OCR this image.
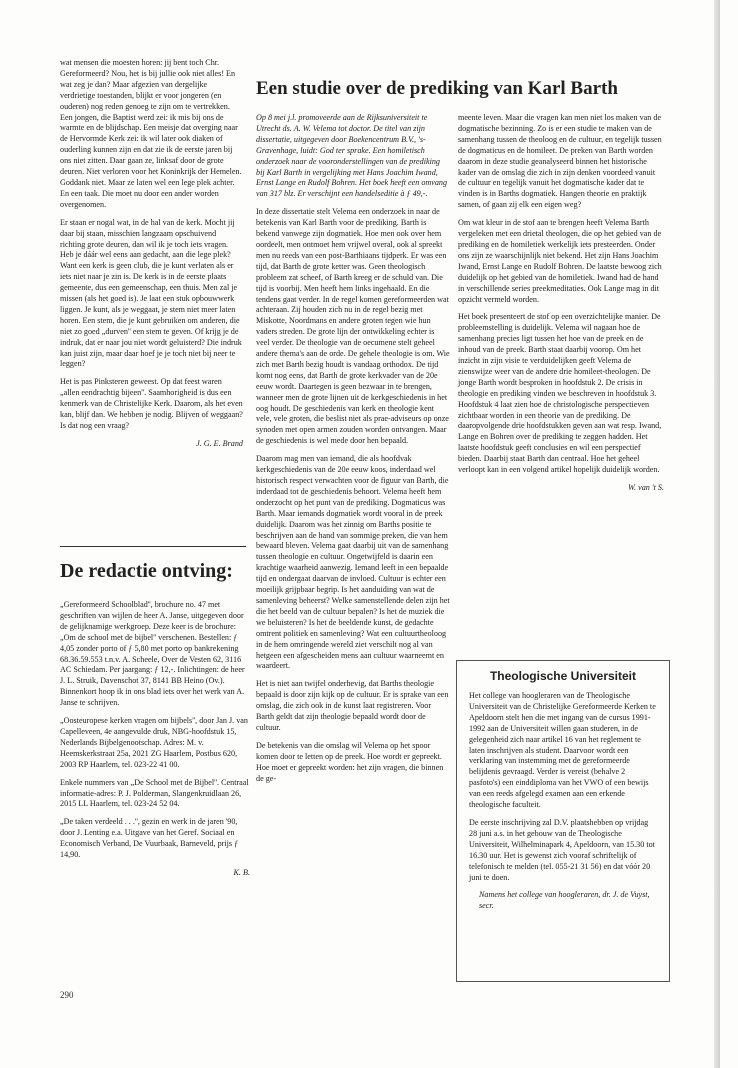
wat mensen die moesten horen: jij bent toch Chr. Gereformeerd? Nou, het is bij jullie ook niet alles! En wat zeg je dan? Maar afgezien van dergelijke verdrietige toestanden, blijkt er voor jongeren (en ouderen) nog reden genoeg te zijn om te vertrekken. Een jongen, die Baptist werd zei: ik mis bij ons de warmte en de blijdschap. Een meisje dat overging naar de Hervormde Kerk zei: ik wil later ook diaken of ouderling kunnen zijn en dat zie ik de eerste jaren bij ons niet zitten. Daar gaan ze, linksaf door de grote deuren. Niet verloren voor het Koninkrijk der Hemelen. Goddank niet. Maar ze laten wel een lege plek achter. En een taak. Die moet nu door een ander worden overgenomen.

Er staan er nogal wat, in de hal van de kerk. Mocht jij daar bij staan, misschien langzaam opschuivend richting grote deuren, dan wil ik je toch iets vragen. Heb je dáár wel eens aan gedacht, aan die lege plek? Want een kerk is geen club, die je kunt verlaten als er iets niet naar je zin is. De kerk is in de eerste plaats gemeente, dus een gemeenschap, een thuis. Men zal je missen (als het goed is). Je laat een stuk opbouwwerk liggen. Je kunt, als je weggaat, je stem niet meer laten horen. Een stem, die je kunt gebruiken om anderen, die niet zo goed „durven'' een stem te geven. Of krijg je de indruk, dat er naar jou niet wordt geluisterd? Die indruk kan juist zijn, maar daar hoef je je toch niet bij neer te leggen?

Het is pas Pinksteren geweest. Op dat feest waren „allen eendrachtig bijeen''. Saamhorigheid is dus een kenmerk van de Christelijke Kerk. Daarom, als het even kan, blijf dan. We hebben je nodig. Blijven of weggaan? Is dat nog een vraag?

J. G. E. Brand
De redactie ontving:

„Gereformeerd Schoolblad'', brochure no. 47 met geschriften van wijlen de heer A. Janse, uitgegeven door de gelijknamige werkgroep. Deze keer is de brochure: „Om de school met de bijbel'' verschenen. Bestellen: ƒ 4,05 zonder porto of ƒ 5,80 met porto op bankrekening 68.36.59.553 t.n.v. A. Scheele, Over de Vesten 62, 3116 AC Schiedam. Per jaargang: ƒ 12,-. Inlichtingen: de heer J. L. Struik, Davenschot 37, 8141 BB Heino (Ov.). Binnenkort hoop ik in ons blad iets over het werk van A. Janse te schrijven.

„Oosteuropese kerken vragen om bijbels'', door Jan J. van Capelleveen, 4e aangevulde druk, NBG-hoofdstuk 15, Nederlands Bijbelgenootschap. Adres: M. v. Heemskerkstraat 25a, 2021 ZG Haarlem, Postbus 620, 2003 RP Haarlem, tel. 023-22 41 00.

Enkele nummers van „De School met de Bijbel''. Centraal informatie-adres: P. J. Polderman, Slangenkruidlaan 26, 2015 LL Haarlem, tel. 023-24 52 04.

„De taken verdeeld . . .'', gezin en werk in de jaren '90, door J. Lenting e.a. Uitgave van het Geref. Sociaal en Economisch Verband, De Vuurbaak, Barneveld, prijs ƒ 14,90.

K. B.
Een studie over de prediking van Karl Barth

Op 8 mei j.l. promoveerde aan de Rijksuniversiteit te Utrecht ds. A. W. Velema tot doctor. De titel van zijn dissertatie, uitgegeven door Boekencentrum B.V., 's-Gravenhage, luidt: God ter sprake. Een homiletisch onderzoek naar de vooronderstellingen van de prediking bij Karl Barth in vergelijking met Hans Joachim Iwand, Ernst Lange en Rudolf Bohren. Het boek heeft een omvang van 317 blz. Er verschijnt een handelseditie à ƒ 49,-.

In deze dissertatie stelt Velema een onderzoek in naar de betekenis van Karl Barth voor de prediking. Barth is bekend vanwege zijn dogmatiek. Hoe men ook over hem oordeelt, men ontmoet hem vrijwel overal, ook al spreekt men nu reeds van een post-Barthiaans tijdperk. Er was een tijd, dat Barth de grote ketter was. Geen theologisch probleem zat scheef, of Barth kreeg er de schuld van. Die tijd is voorbij. Men heeft hem links ingehaald. En die tendens gaat verder. In de regel komen gereformeerden wat achteraan. Zij houden zich nu in de regel bezig met Miskotte, Noordmans en andere groten tegen wie hun vaders streden. De grote lijn der ontwikkeling echter is veel verder. De theologie van de oecumene stelt geheel andere thema's aan de orde. De gehele theologie is om. Wie zich met Barth bezig houdt is vandaag orthodox. De tijd komt nog eens, dat Barth de grote kerkvader van de 20e eeuw wordt. Daartegen is geen bezwaar in te brengen, wanneer men de grote lijnen uit de kerkgeschiedenis in het oog houdt. De geschiedenis van kerk en theologie kent vele, vele groten, die beslist niet als prae-adviseurs op onze synoden met open armen zouden worden ontvangen. Maar de geschiedenis is wel mede door hen bepaald.

Daarom mag men van iemand, die als hoofdvak kerkgeschiedenis van de 20e eeuw koos, inderdaad wel historisch respect verwachten voor de figuur van Barth, die inderdaad tot de geschiedenis behoort. Velema heeft hem onderzocht op het punt van de prediking. Dogmaticus was Barth. Maar iemands dogmatiek wordt vooral in de preek duidelijk. Daarom was het zinnig om Barths positie te beschrijven aan de hand van sommige preken, die van hem bewaard bleven. Velema gaat daarbij uit van de samenhang tussen theologie en cultuur. Ongetwijfeld is daarin een krachtige waarheid aanwezig. Iemand leeft in een bepaalde tijd en ondergaat daarvan de invloed. Cultuur is echter een moeilijk grijpbaar begrip. Is het aanduiding van wat de samenleving beheerst? Welke samenstellende delen zijn het die het beeld van de cultuur bepalen? Is het de muziek die we beluisteren? Is het de beeldende kunst, de gedachte omtrent politiek en samenleving? Wat een cultuurtheoloog in de hem omringende wereld ziet verschilt nog al van hetgeen een afgescheiden mens aan cultuur waarneemt en waardeert.

Het is niet aan twijfel onderhevig, dat Barths theologie bepaald is door zijn kijk op de cultuur. Er is sprake van een omslag, die zich ook in de kunst laat registreren. Voor Barth geldt dat zijn theologie bepaald wordt door de cultuur.

De betekenis van die omslag wil Velema op het spoor komen door te letten op de preek. Hoe wordt er gepreekt. Hoe moet er gepreekt worden: het zijn vragen, die binnen de ge-

meente leven. Maar die vragen kan men niet los maken van de dogmatische bezinning. Zo is er een studie te maken van de samenhang tussen de theoloog en de cultuur, en tegelijk tussen de dogmaticus en de homileet. De preken van Barth worden daarom in deze studie geanalyseerd binnen het historische kader van de omslag die zich in zijn denken voordeed vanuit de cultuur en tegelijk vanuit het dogmatische kader dat te vinden is in Barths dogmatiek. Hangen theorie en praktijk samen, of gaan zij elk een eigen weg?

Om wat kleur in de stof aan te brengen heeft Velema Barth vergeleken met een drietal theologen, die op het gebied van de prediking en de homiletiek werkelijk iets presteerden. Onder ons zijn ze waarschijnlijk niet bekend. Het zijn Hans Joachim Iwand, Ernst Lange en Rudolf Bohren. De laatste bewoog zich duidelijk op het gebied van de homiletiek. Iwand had de hand in verschillende series preekmeditaties. Ook Lange mag in dit opzicht vermeld worden.

Het boek presenteert de stof op een overzichtelijke manier. De probleemstelling is duidelijk. Velema wil nagaan hoe de samenhang precies ligt tussen het hoe van de preek en de inhoud van de preek. Barth staat daarbij voorop. Om het inzicht in zijn visie te verduidelijken geeft Velema de zienswijze weer van de andere drie homileet-theologen. De jonge Barth wordt besproken in hoofdstuk 2. De crisis in theologie en prediking vinden we beschreven in hoofdstuk 3. Hoofdstuk 4 laat zien hoe de christologische perspectieven zichtbaar worden in een theorie van de prediking. De daaropvolgende drie hoofdstukken geven aan wat resp. Iwand, Lange en Bohren over de prediking te zeggen hadden. Het laatste hoofdstuk geeft conclusies en wil een perspectief bieden. Daarbij staat Barth dan centraal. Hoe het geheel verloopt kan in een volgend artikel hopelijk duidelijk worden.

W. van 't S.
Theologische Universiteit

Het college van hoogleraren van de Theologische Universiteit van de Christelijke Gereformeerde Kerken te Apeldoorn stelt hen die met ingang van de cursus 1991-1992 aan de Universiteit willen gaan studeren, in de gelegenheid zich naar artikel 16 van het reglement te laten inschrijven als student. Daarvoor wordt een verklaring van instemming met de gereformeerde belijdenis gevraagd. Verder is vereist (behalve 2 pasfoto's) een einddiploma van het VWO of een bewijs van een reeds afgelegd examen aan een erkende theologische faculteit.

De eerste inschrijving zal D.V. plaatshebben op vrijdag 28 juni a.s. in het gebouw van de Theologische Universiteit, Wilhelminapark 4, Apeldoorn, van 15.30 tot 16.30 uur. Het is gewenst zich vooraf schriftelijk of telefonisch te melden (tel. 055-21 31 56) en dat vóór 20 juni te doen.

Namens het college van hoogleraren, dr. J. de Vuyst, secr.

290
